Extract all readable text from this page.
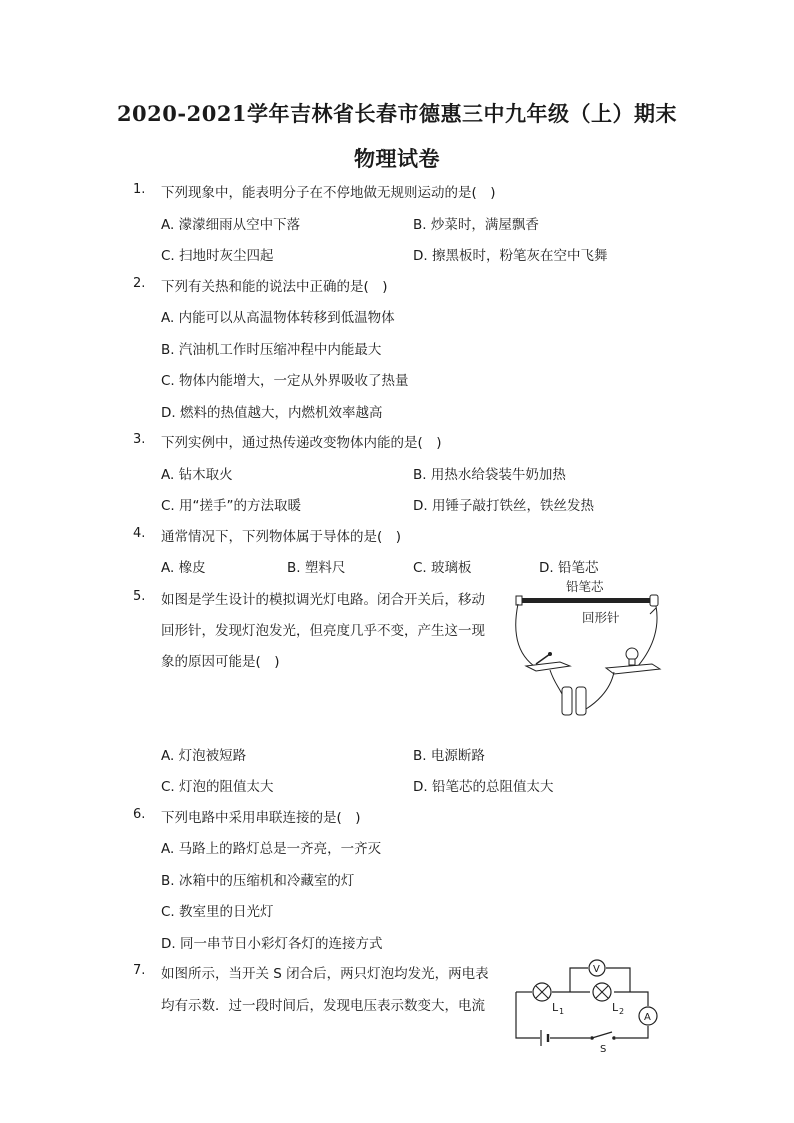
2020-2021学年吉林省长春市德惠三中九年级（上）期末
物理试卷
1. 下列现象中，能表明分子在不停地做无规则运动的是(　)
A. 濛濛细雨从空中下落	B. 炒菜时，满屋飘香
C. 扫地时灰尘四起	D. 擦黑板时，粉笔灰在空中飞舞
2. 下列有关热和能的说法中正确的是(　)
A. 内能可以从高温物体转移到低温物体
B. 汽油机工作时压缩冲程中内能最大
C. 物体内能增大，一定从外界吸收了热量
D. 燃料的热值越大，内燃机效率越高
3. 下列实例中，通过热传递改变物体内能的是(　)
A. 钻木取火	B. 用热水给袋装牛奶加热
C. 用“搓手”的方法取暖	D. 用锤子敲打铁丝，铁丝发热
4. 通常情况下，下列物体属于导体的是(　)
A. 橡皮	B. 塑料尺	C. 玻璃板	D. 铅笔芯
5. 如图是学生设计的模拟调光灯电路。闭合开关后，移动
回形针，发现灯泡发光，但亮度几乎不变，产生这一现
象的原因可能是(　)
铅笔芯
回形针
A. 灯泡被短路	B. 电源断路
C. 灯泡的阻值太大	D. 铅笔芯的总阻值太大
6. 下列电路中采用串联连接的是(　)
A. 马路上的路灯总是一齐亮，一齐灭
B. 冰箱中的压缩机和冷藏室的灯
C. 教室里的日光灯
D. 同一串节日小彩灯各灯的连接方式
7. 如图所示，当开关 S 闭合后，两只灯泡均发光，两电表
均有示数．过一段时间后，发现电压表示数变大，电流	L 1	L 2
V
A
S
